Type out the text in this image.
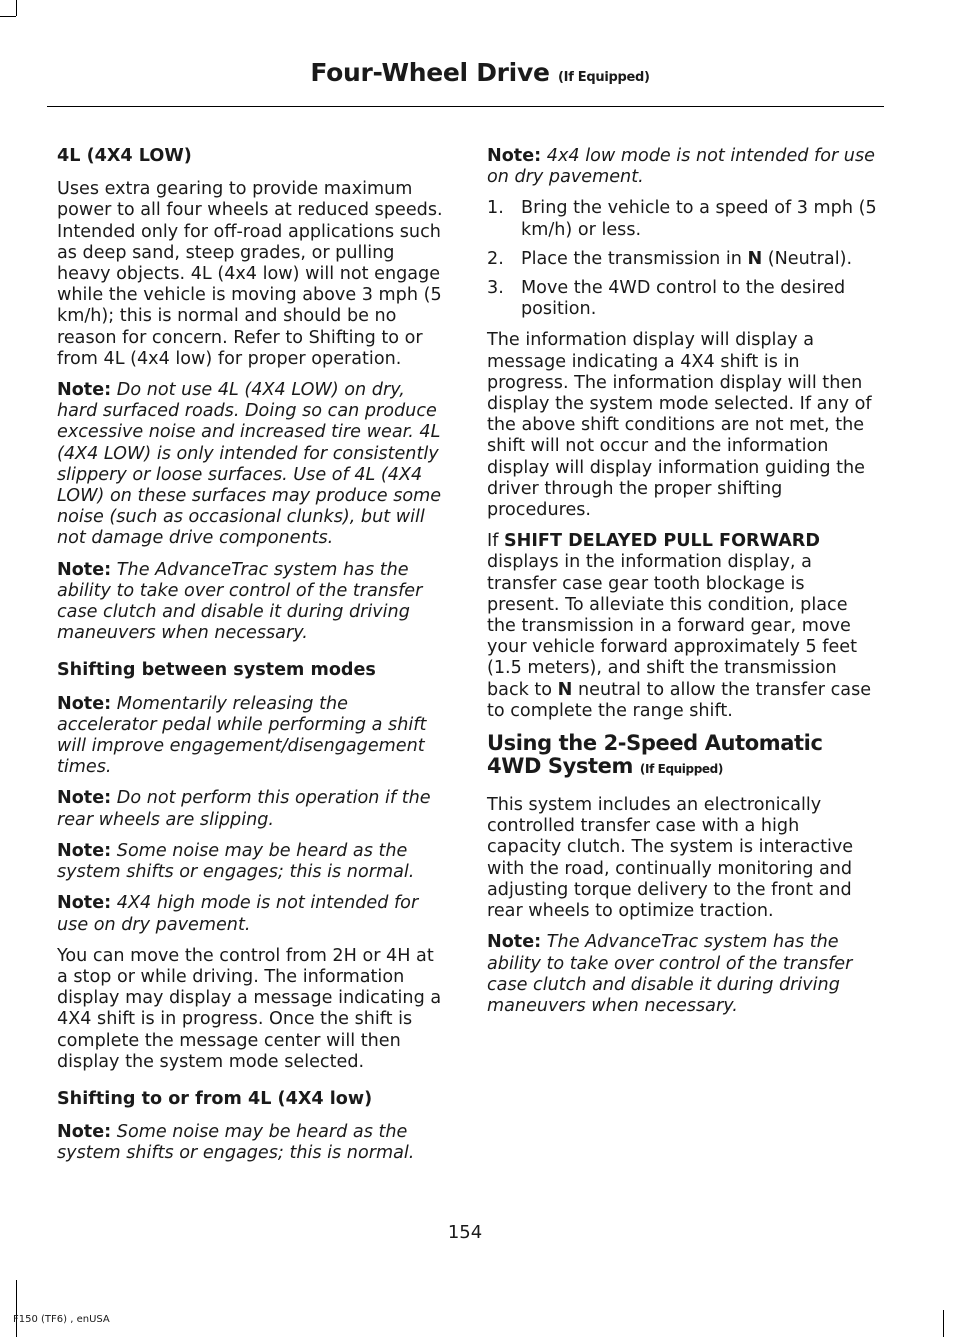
Four-Wheel Drive (If Equipped)
4L (4X4 LOW)

Uses extra gearing to provide maximum power to all four wheels at reduced speeds. Intended only for off-road applications such as deep sand, steep grades, or pulling heavy objects. 4L (4x4 low) will not engage while the vehicle is moving above 3 mph (5 km/h); this is normal and should be no reason for concern. Refer to Shifting to or from 4L (4x4 low) for proper operation.

Note: Do not use 4L (4X4 LOW) on dry, hard surfaced roads. Doing so can produce excessive noise and increased tire wear. 4L (4X4 LOW) is only intended for consistently slippery or loose surfaces. Use of 4L (4X4 LOW) on these surfaces may produce some noise (such as occasional clunks), but will not damage drive components.

Note: The AdvanceTrac system has the ability to take over control of the transfer case clutch and disable it during driving maneuvers when necessary.

Shifting between system modes

Note: Momentarily releasing the accelerator pedal while performing a shift will improve engagement/disengagement times.

Note: Do not perform this operation if the rear wheels are slipping.

Note: Some noise may be heard as the system shifts or engages; this is normal.

Note: 4X4 high mode is not intended for use on dry pavement.

You can move the control from 2H or 4H at a stop or while driving. The information display may display a message indicating a 4X4 shift is in progress. Once the shift is complete the message center will then display the system mode selected.

Shifting to or from 4L (4X4 low)

Note: Some noise may be heard as the system shifts or engages; this is normal.

Note: 4x4 low mode is not intended for use on dry pavement.

1. Bring the vehicle to a speed of 3 mph (5 km/h) or less.
2. Place the transmission in N (Neutral).
3. Move the 4WD control to the desired position.

The information display will display a message indicating a 4X4 shift is in progress. The information display will then display the system mode selected. If any of the above shift conditions are not met, the shift will not occur and the information display will display information guiding the driver through the proper shifting procedures.

If SHIFT DELAYED PULL FORWARD displays in the information display, a transfer case gear tooth blockage is present. To alleviate this condition, place the transmission in a forward gear, move your vehicle forward approximately 5 feet (1.5 meters), and shift the transmission back to N neutral to allow the transfer case to complete the range shift.

Using the 2-Speed Automatic 4WD System (If Equipped)

This system includes an electronically controlled transfer case with a high capacity clutch. The system is interactive with the road, continually monitoring and adjusting torque delivery to the front and rear wheels to optimize traction.

Note: The AdvanceTrac system has the ability to take over control of the transfer case clutch and disable it during driving maneuvers when necessary.

154
F150 (TF6) , enUSA
